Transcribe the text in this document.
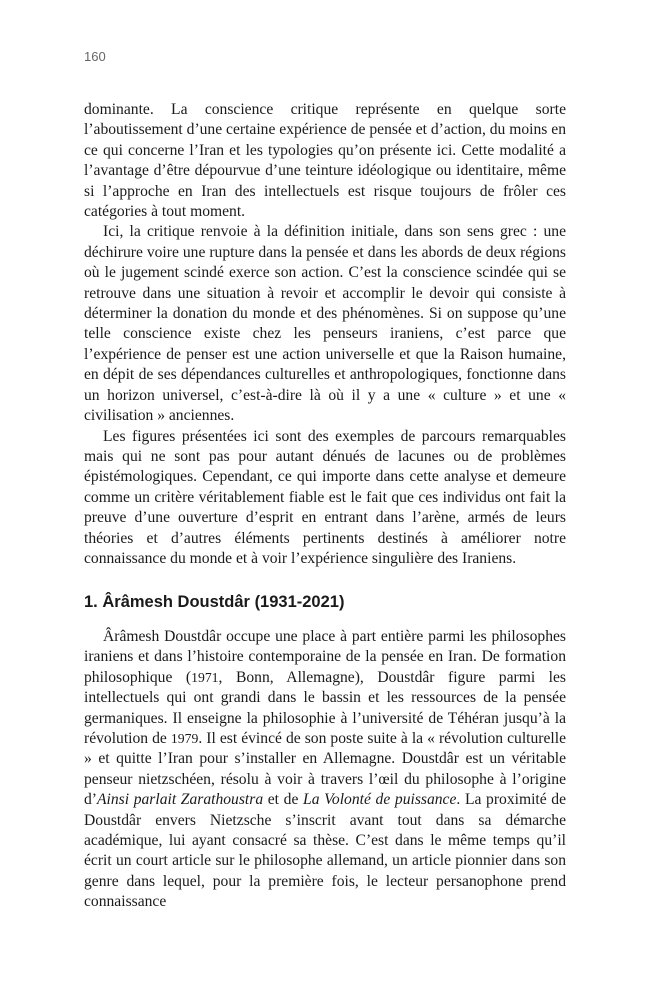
160

dominante. La conscience critique représente en quelque sorte l’aboutissement d’une certaine expérience de pensée et d’action, du moins en ce qui concerne l’Iran et les typologies qu’on présente ici. Cette modalité a l’avantage d’être dépourvue d’une teinture idéologique ou identitaire, même si l’approche en Iran des intellectuels est risque toujours de frôler ces catégories à tout moment.

Ici, la critique renvoie à la définition initiale, dans son sens grec : une déchirure voire une rupture dans la pensée et dans les abords de deux régions où le jugement scindé exerce son action. C’est la conscience scindée qui se retrouve dans une situation à revoir et accomplir le devoir qui consiste à déterminer la donation du monde et des phénomènes. Si on suppose qu’une telle conscience existe chez les penseurs iraniens, c’est parce que l’expérience de penser est une action universelle et que la Raison humaine, en dépit de ses dépendances culturelles et anthropologiques, fonctionne dans un horizon universel, c’est-à-dire là où il y a une « culture » et une « civilisation » anciennes.

Les figures présentées ici sont des exemples de parcours remarquables mais qui ne sont pas pour autant dénués de lacunes ou de problèmes épistémologiques. Cependant, ce qui importe dans cette analyse et demeure comme un critère véritablement fiable est le fait que ces individus ont fait la preuve d’une ouverture d’esprit en entrant dans l’arène, armés de leurs théories et d’autres éléments pertinents destinés à améliorer notre connaissance du monde et à voir l’expérience singulière des Iraniens.

1. Ârâmesh Doustdâr (1931-2021)

Ârâmesh Doustdâr occupe une place à part entière parmi les philosophes iraniens et dans l’histoire contemporaine de la pensée en Iran. De formation philosophique (1971, Bonn, Allemagne), Doustdâr figure parmi les intellectuels qui ont grandi dans le bassin et les ressources de la pensée germaniques. Il enseigne la philosophie à l’université de Téhéran jusqu’à la révolution de 1979. Il est évincé de son poste suite à la « révolution culturelle » et quitte l’Iran pour s’installer en Allemagne. Doustdâr est un véritable penseur nietzschéen, résolu à voir à travers l’œil du philosophe à l’origine d’Ainsi parlait Zarathoustra et de La Volonté de puissance. La proximité de Doustdâr envers Nietzsche s’inscrit avant tout dans sa démarche académique, lui ayant consacré sa thèse. C’est dans le même temps qu’il écrit un court article sur le philosophe allemand, un article pionnier dans son genre dans lequel, pour la première fois, le lecteur persanophone prend connaissance
